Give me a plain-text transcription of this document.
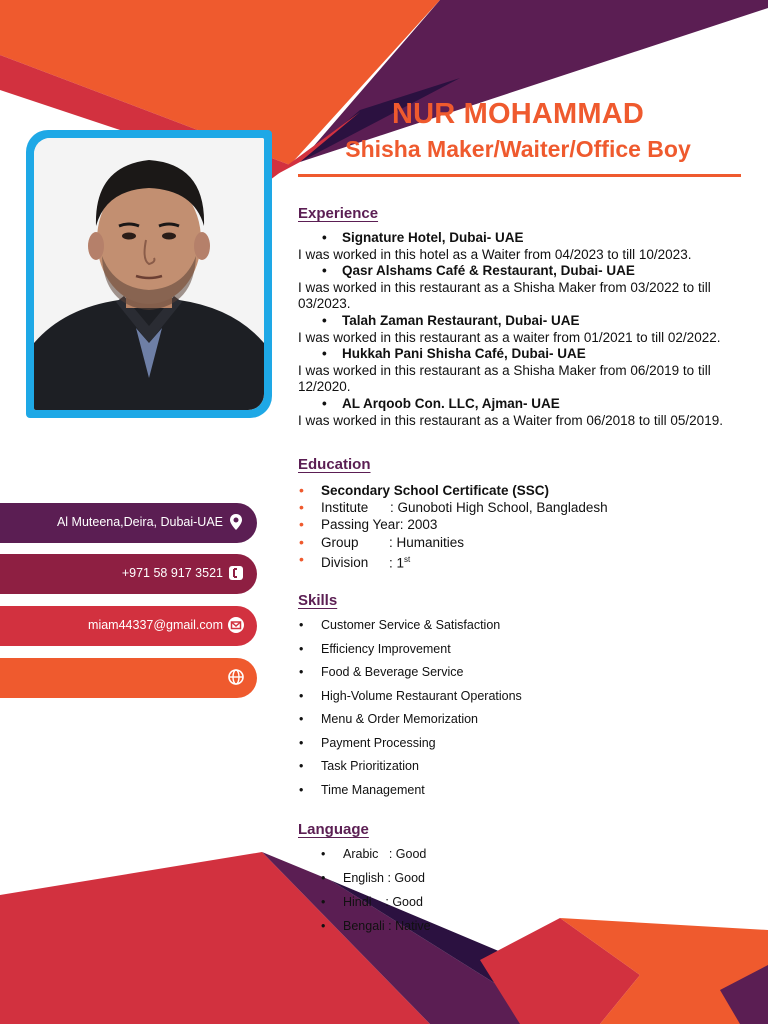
NUR MOHAMMAD
Shisha Maker/Waiter/Office Boy
Experience
• Signature Hotel, Dubai- UAE
I was worked in this hotel as a Waiter from 04/2023 to till 10/2023.
• Qasr Alshams Café & Restaurant, Dubai- UAE
I was worked in this restaurant as a Shisha Maker from 03/2022 to till 03/2023.
• Talah Zaman Restaurant, Dubai- UAE
I was worked in this restaurant as a waiter from 01/2021 to till 02/2022.
• Hukkah Pani Shisha Café, Dubai- UAE
I was worked in this restaurant as a Shisha Maker from 06/2019 to till 12/2020.
• AL Arqoob Con. LLC, Ajman- UAE
I was worked in this restaurant as a Waiter from 06/2018 to till 05/2019.
Education
• Secondary School Certificate (SSC)
• Institute : Gunoboti High School, Bangladesh
• Passing Year: 2003
• Group : Humanities
• Division : 1st
Skills
• Customer Service & Satisfaction
• Efficiency Improvement
• Food & Beverage Service
• High-Volume Restaurant Operations
• Menu & Order Memorization
• Payment Processing
• Task Prioritization
• Time Management
Language
• Arabic   : Good
• English : Good
• Hindi    : Good
• Bengali : Native
Al Muteena,Deira, Dubai-UAE
+971 58 917 3521
miam44337@gmail.com
